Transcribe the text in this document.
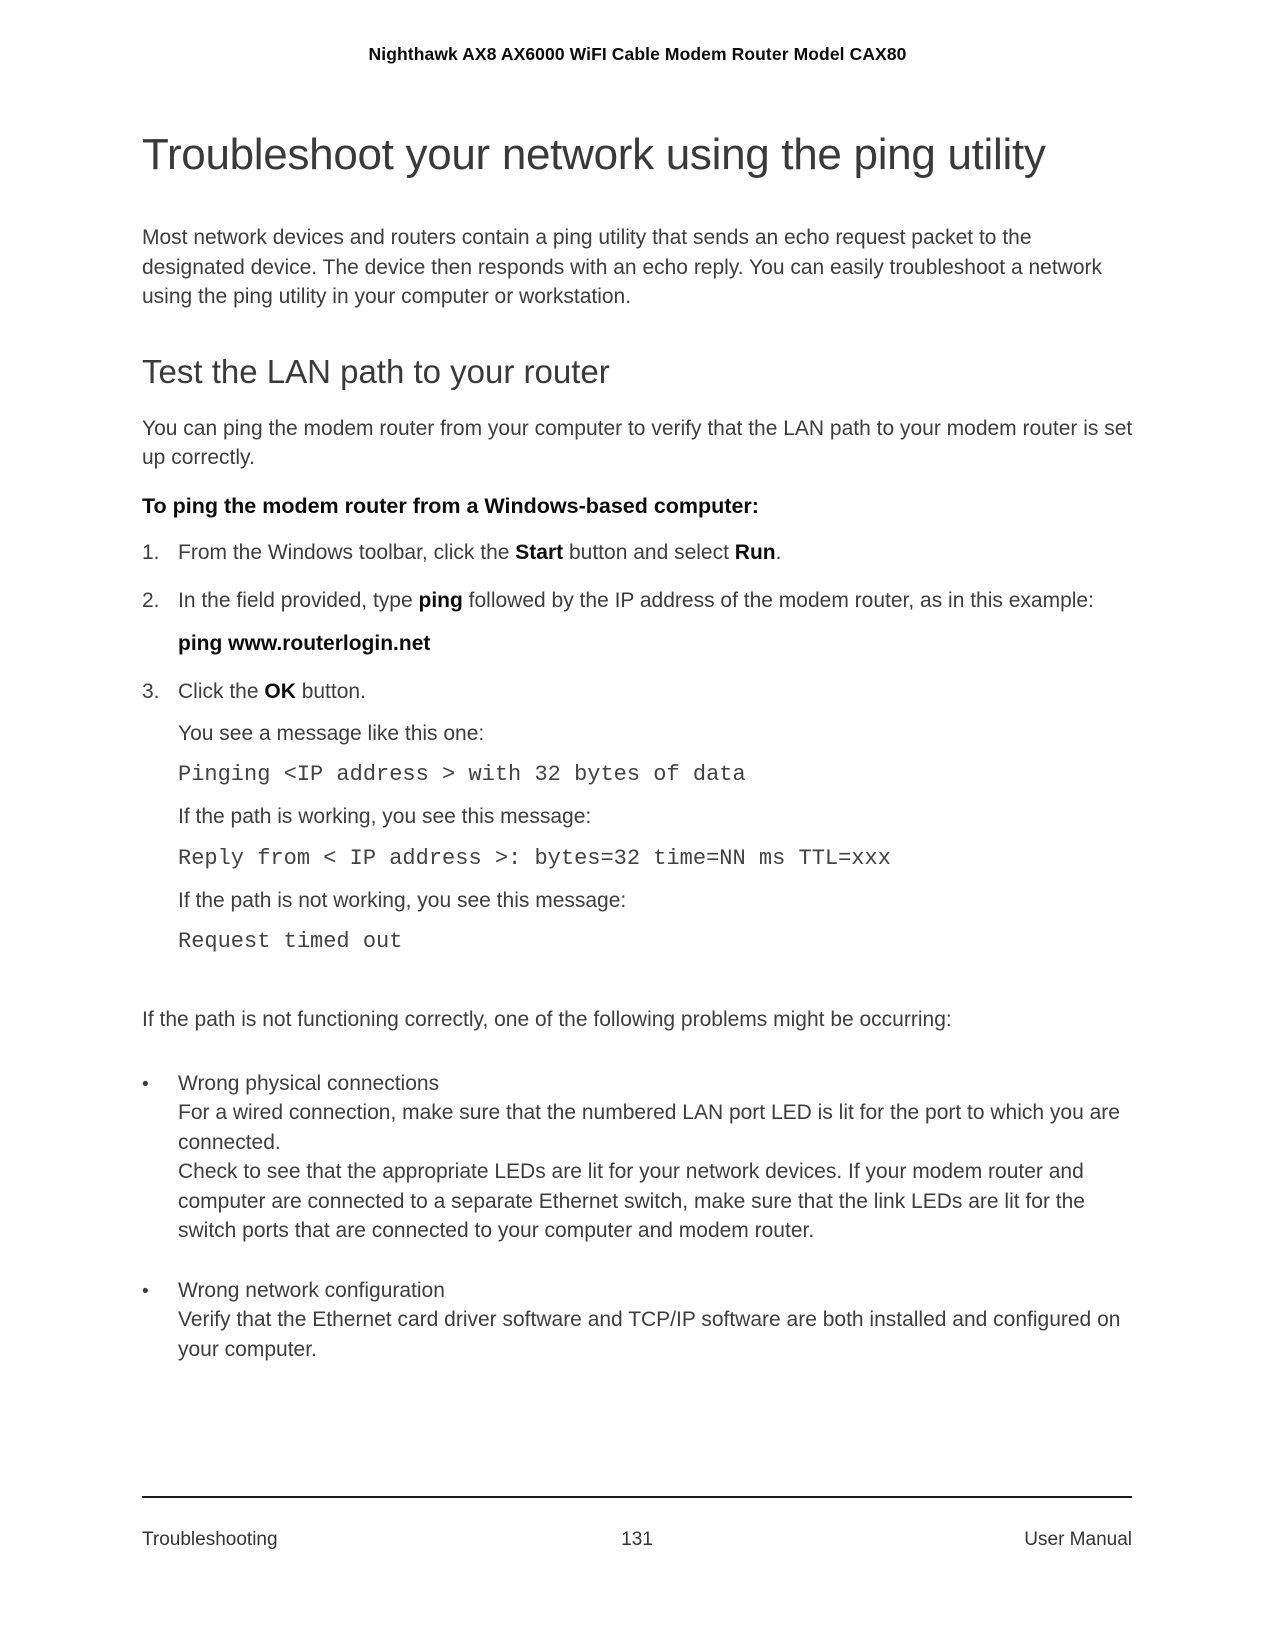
Nighthawk AX8 AX6000 WiFI Cable Modem Router Model CAX80
Troubleshoot your network using the ping utility

Most network devices and routers contain a ping utility that sends an echo request packet to the designated device. The device then responds with an echo reply. You can easily troubleshoot a network using the ping utility in your computer or workstation.

Test the LAN path to your router

You can ping the modem router from your computer to verify that the LAN path to your modem router is set up correctly.

To ping the modem router from a Windows-based computer:
1. From the Windows toolbar, click the Start button and select Run.
2. In the field provided, type ping followed by the IP address of the modem router, as in this example:
ping www.routerlogin.net
3. Click the OK button.
You see a message like this one:
Pinging <IP address > with 32 bytes of data
If the path is working, you see this message:
Reply from < IP address >: bytes=32 time=NN ms TTL=xxx
If the path is not working, you see this message:
Request timed out

If the path is not functioning correctly, one of the following problems might be occurring:

•	Wrong physical connections
For a wired connection, make sure that the numbered LAN port LED is lit for the port to which you are connected.
Check to see that the appropriate LEDs are lit for your network devices. If your modem router and computer are connected to a separate Ethernet switch, make sure that the link LEDs are lit for the switch ports that are connected to your computer and modem router.
•	Wrong network configuration
Verify that the Ethernet card driver software and TCP/IP software are both installed and configured on your computer.
Troubleshooting	131	User Manual
